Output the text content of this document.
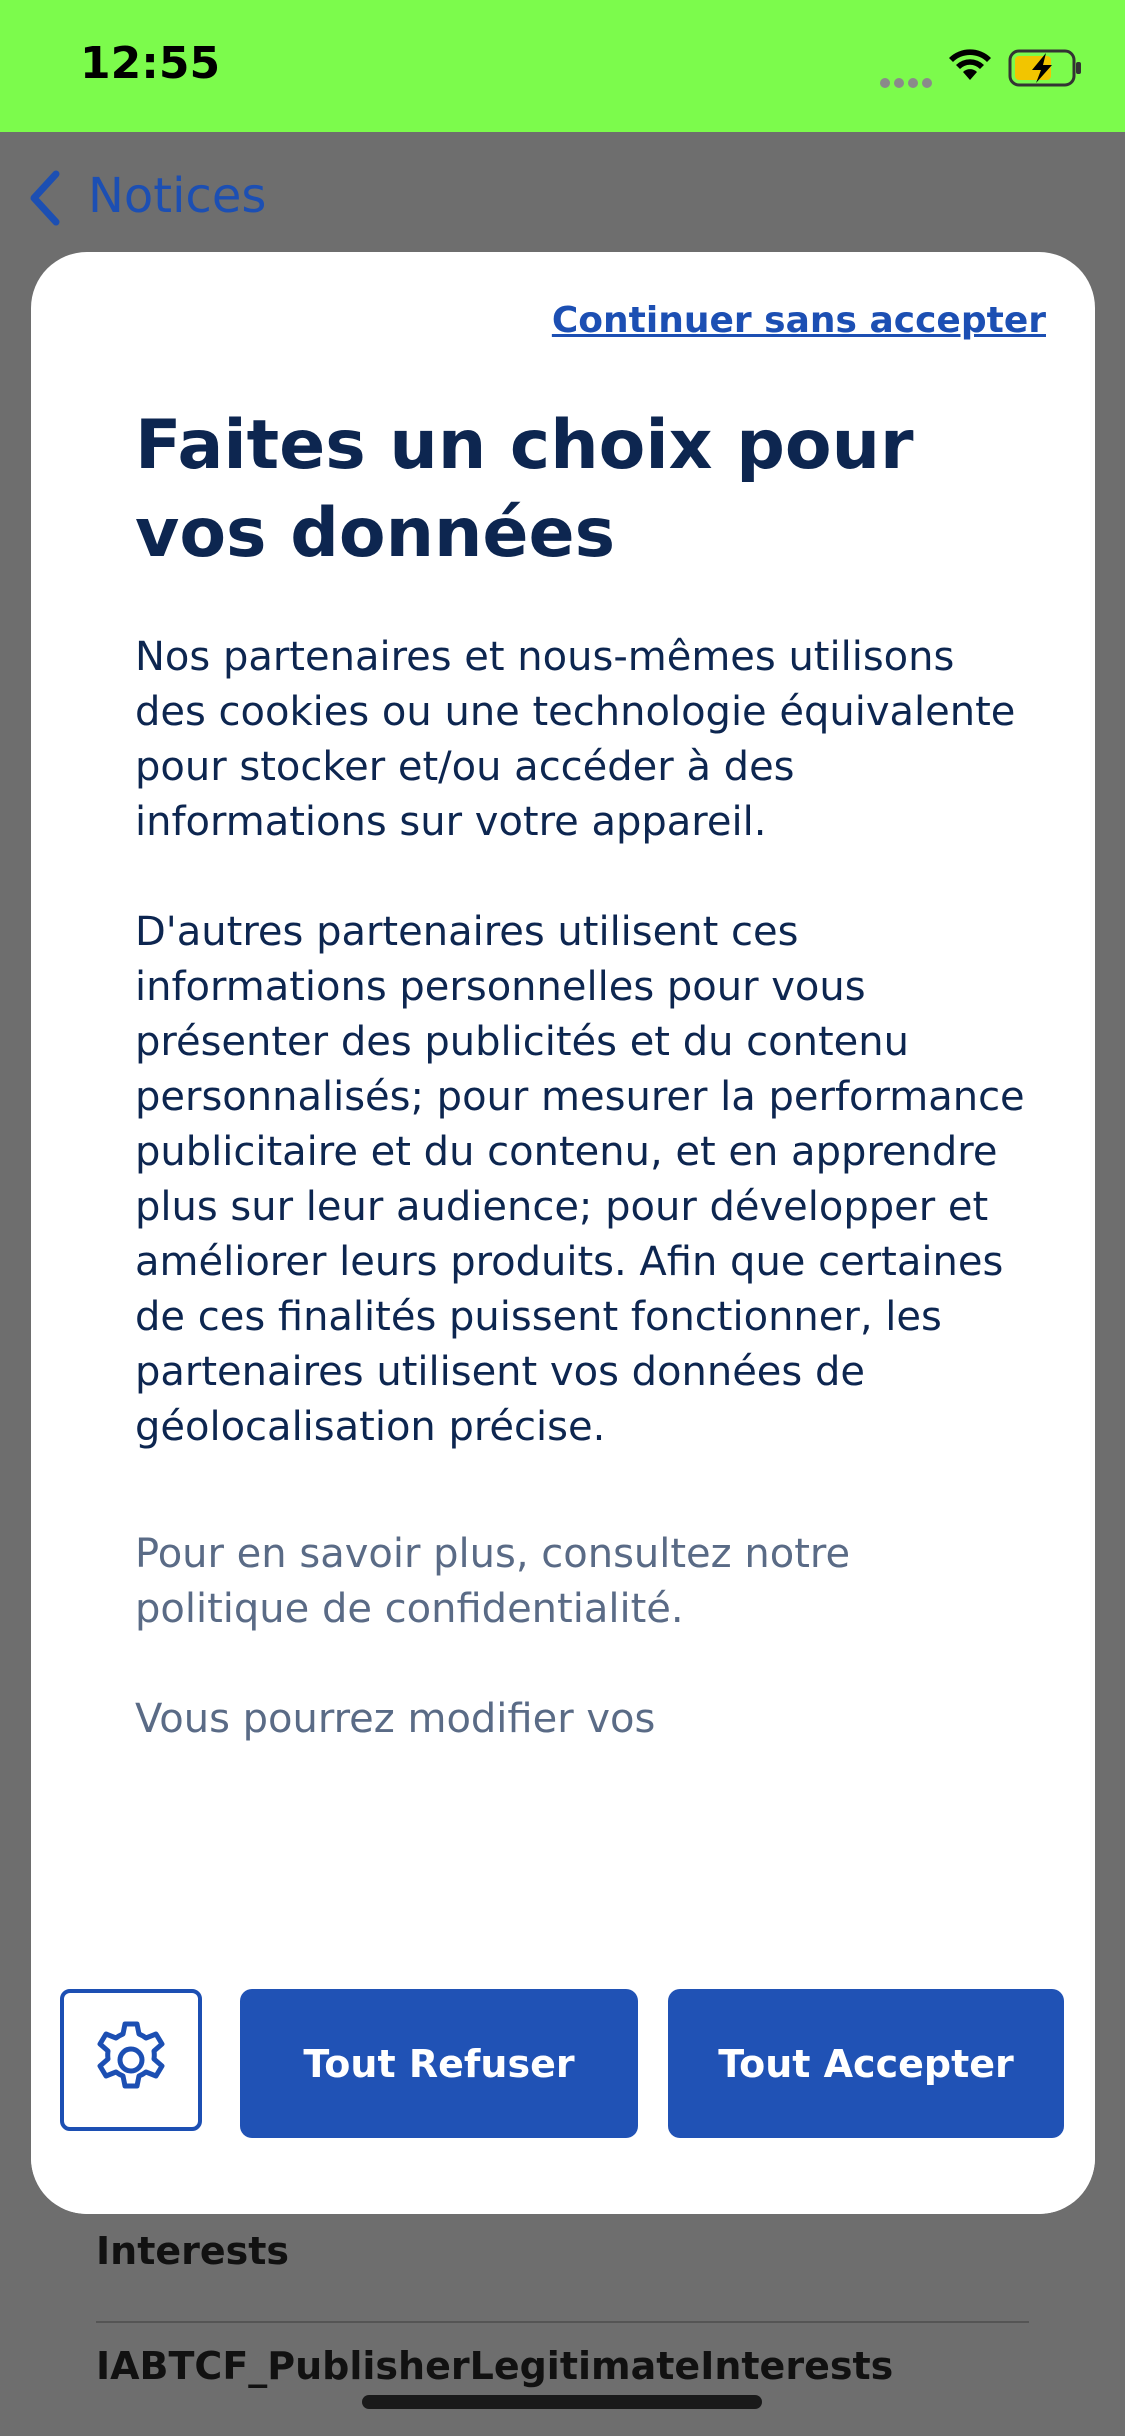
12:55
Notices
Interests
IABTCF_PublisherLegitimateInterests
Continuer sans accepter
Faites un choix pour vos données

Nos partenaires et nous-mêmes utilisons des cookies ou une technologie équivalente pour stocker et/ou accéder à des informations sur votre appareil.

D'autres partenaires utilisent ces informations personnelles pour vous présenter des publicités et du contenu personnalisés; pour mesurer la performance publicitaire et du contenu, et en apprendre plus sur leur audience; pour développer et améliorer leurs produits. Afin que certaines de ces finalités puissent fonctionner, les partenaires utilisent vos données de géolocalisation précise.

Pour en savoir plus, consultez notre politique de confidentialité.

Vous pourrez modifier vos

Tout Refuser	Tout Accepter
